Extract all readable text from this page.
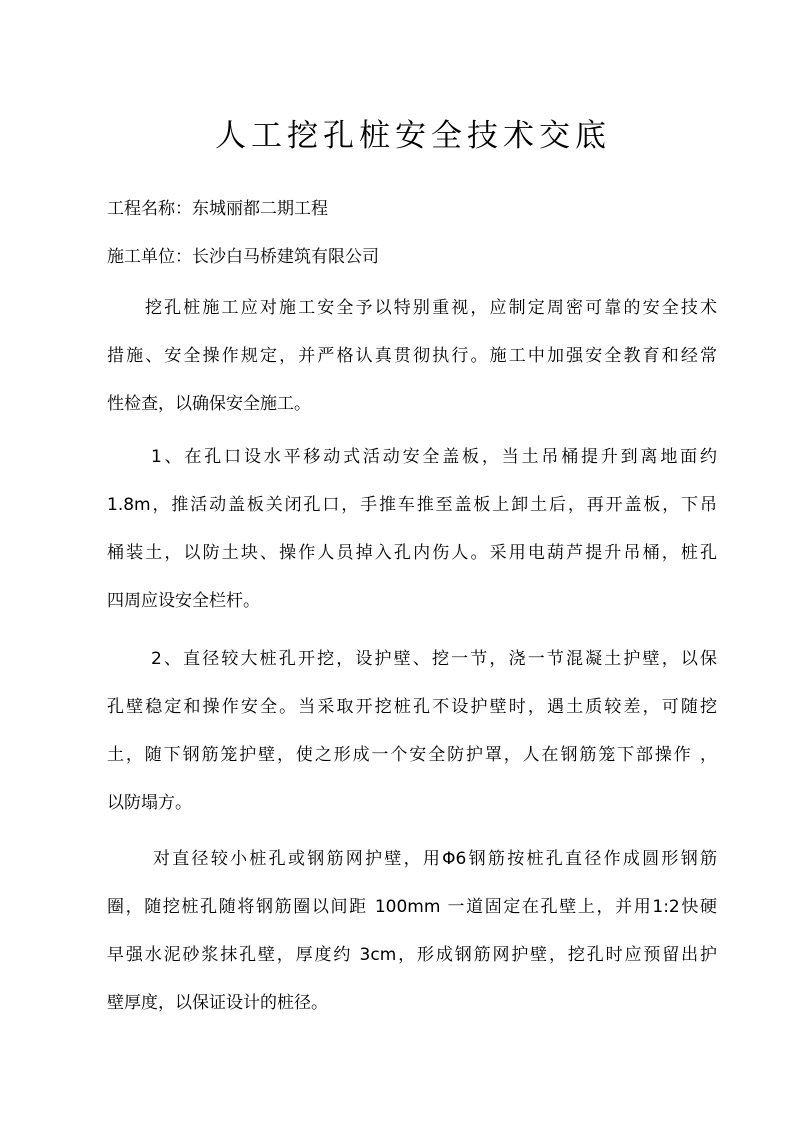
人工挖孔桩安全技术交底
工程名称：东城丽都二期工程
施工单位：长沙白马桥建筑有限公司
挖孔桩施工应对施工安全予以特别重视，应制定周密可靠的安全技术
措施、安全操作规定，并严格认真贯彻执行。施工中加强安全教育和经常
性检查，以确保安全施工。
1、在孔口设水平移动式活动安全盖板，当土吊桶提升到离地面约
1.8m，推活动盖板关闭孔口，手推车推至盖板上卸土后，再开盖板，下吊
桶装土，以防土块、操作人员掉入孔内伤人。采用电葫芦提升吊桶，桩孔
四周应设安全栏杆。
2、直径较大桩孔开挖，设护壁、挖一节，浇一节混凝土护壁，以保
孔壁稳定和操作安全。当采取开挖桩孔不设护壁时，遇土质较差，可随挖
土，随下钢筋笼护壁，使之形成一个安全防护罩，人在钢筋笼下部操作 ，
以防塌方。
对直径较小桩孔或钢筋网护壁，用Φ6钢筋按桩孔直径作成圆形钢筋
圈，随挖桩孔随将钢筋圈以间距 100mm 一道固定在孔壁上，并用1:2快硬
早强水泥砂浆抹孔壁，厚度约 3cm，形成钢筋网护壁，挖孔时应预留出护
壁厚度，以保证设计的桩径。
